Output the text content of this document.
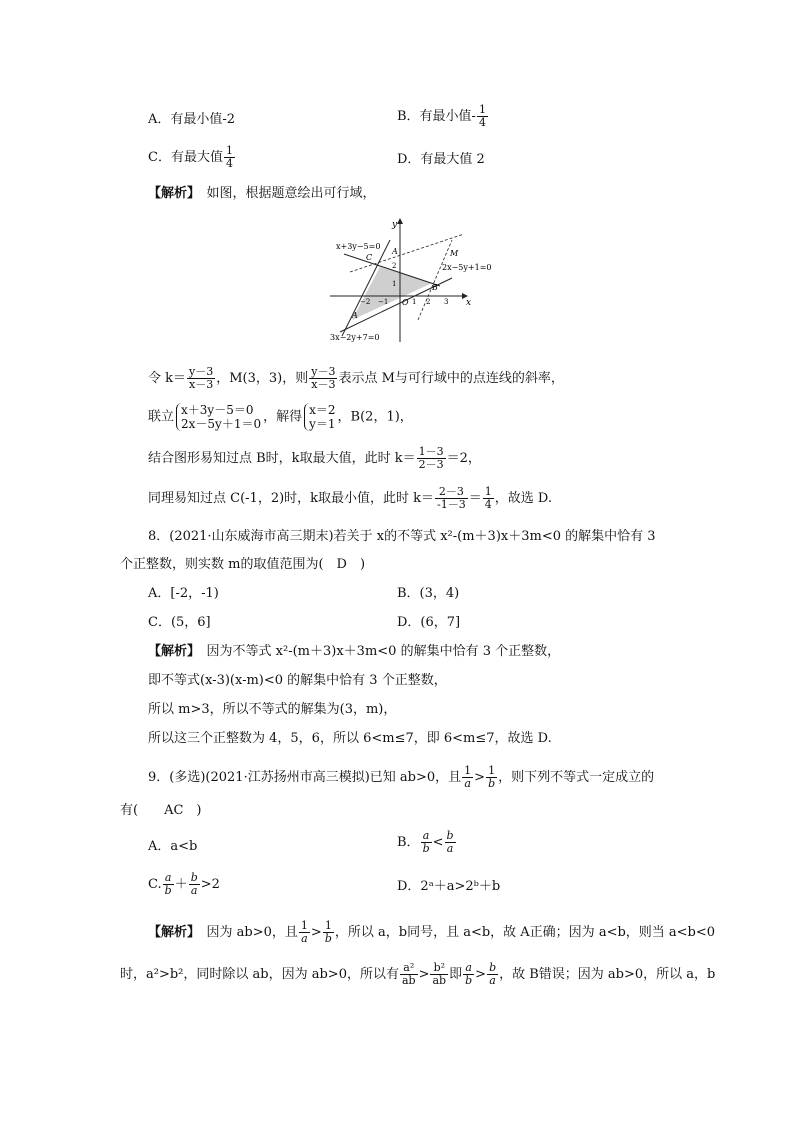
A．有最小值-2	B．有最小值- $\frac{1}{4}$
C．有最大值 $\frac{1}{4}$	D．有最大值 2
【解析】　 如图，根据题意绘出可行域，
y
x
O
x+3y−5=0
2x−5y+1=0
3x−2y+7=0
C
A
A
B
M
−2 −1	1 2 3
1
2
令 $k= \frac{y-3}{x-3}$ ，M(3，3)，则 $\frac{y-3}{x-3}$ 表示点 M与可行域中的点连线的斜率，
联立 x＋3y－5＝0
2x－5y＋1＝0 ，解得 x＝2
y＝1 ，B(2，1)，
结合图形易知过点 B时，k取最大值，此时 $k= \frac{1-3}{2-3} =2$，
同理易知过点 C(-1，2)时，k取最小值，此时 $k= \frac{2-3}{-1-3} = \frac{1}{4}$ ，故选 D.
8．(2021·山东威海市高三期末)若关于 x的不等式 x²-(m＋3)x＋3m<0 的解集中恰有 3
个正整数，则实数 m的取值范围为(　D　)
A．[-2，-1)	B．(3，4)
C．(5，6]	D．(6，7]
【解析】　 因为不等式 x²-(m＋3)x＋3m<0 的解集中恰有 3 个正整数，
即不等式(x-3)(x-m)<0 的解集中恰有 3 个正整数，
所以 m>3，所以不等式的解集为(3，m)，
所以这三个正整数为 4，5，6，所以 6<m≤7，即 6<m≤7，故选 D.
9．(多选)(2021·江苏扬州市高三模拟)已知 ab>0，且 $\frac{1}{a} > \frac{1}{b}$ ，则下列不等式一定成立的
有(　　AC　)
A．a<b	B． $\frac{a}{b} < \frac{b}{a}$
C. $\frac{a}{b} + \frac{b}{a} >2$	D．2ᵃ＋a>2ᵇ＋b
【解析】　 因为 ab>0，且 $\frac{1}{a} > \frac{1}{b}$ ，所以 a，b同号，且 a<b，故 A正确；因为 a<b，则当 a<b<0
时，a²>b²，同时除以 ab，因为 ab>0，所以有 $\frac{\text{a²}}{ab} > \frac{\text{b²}}{ab}$ 即 $\frac{a}{b} > \frac{b}{a}$ ，故 B错误；因为 ab>0，所以 a，b
